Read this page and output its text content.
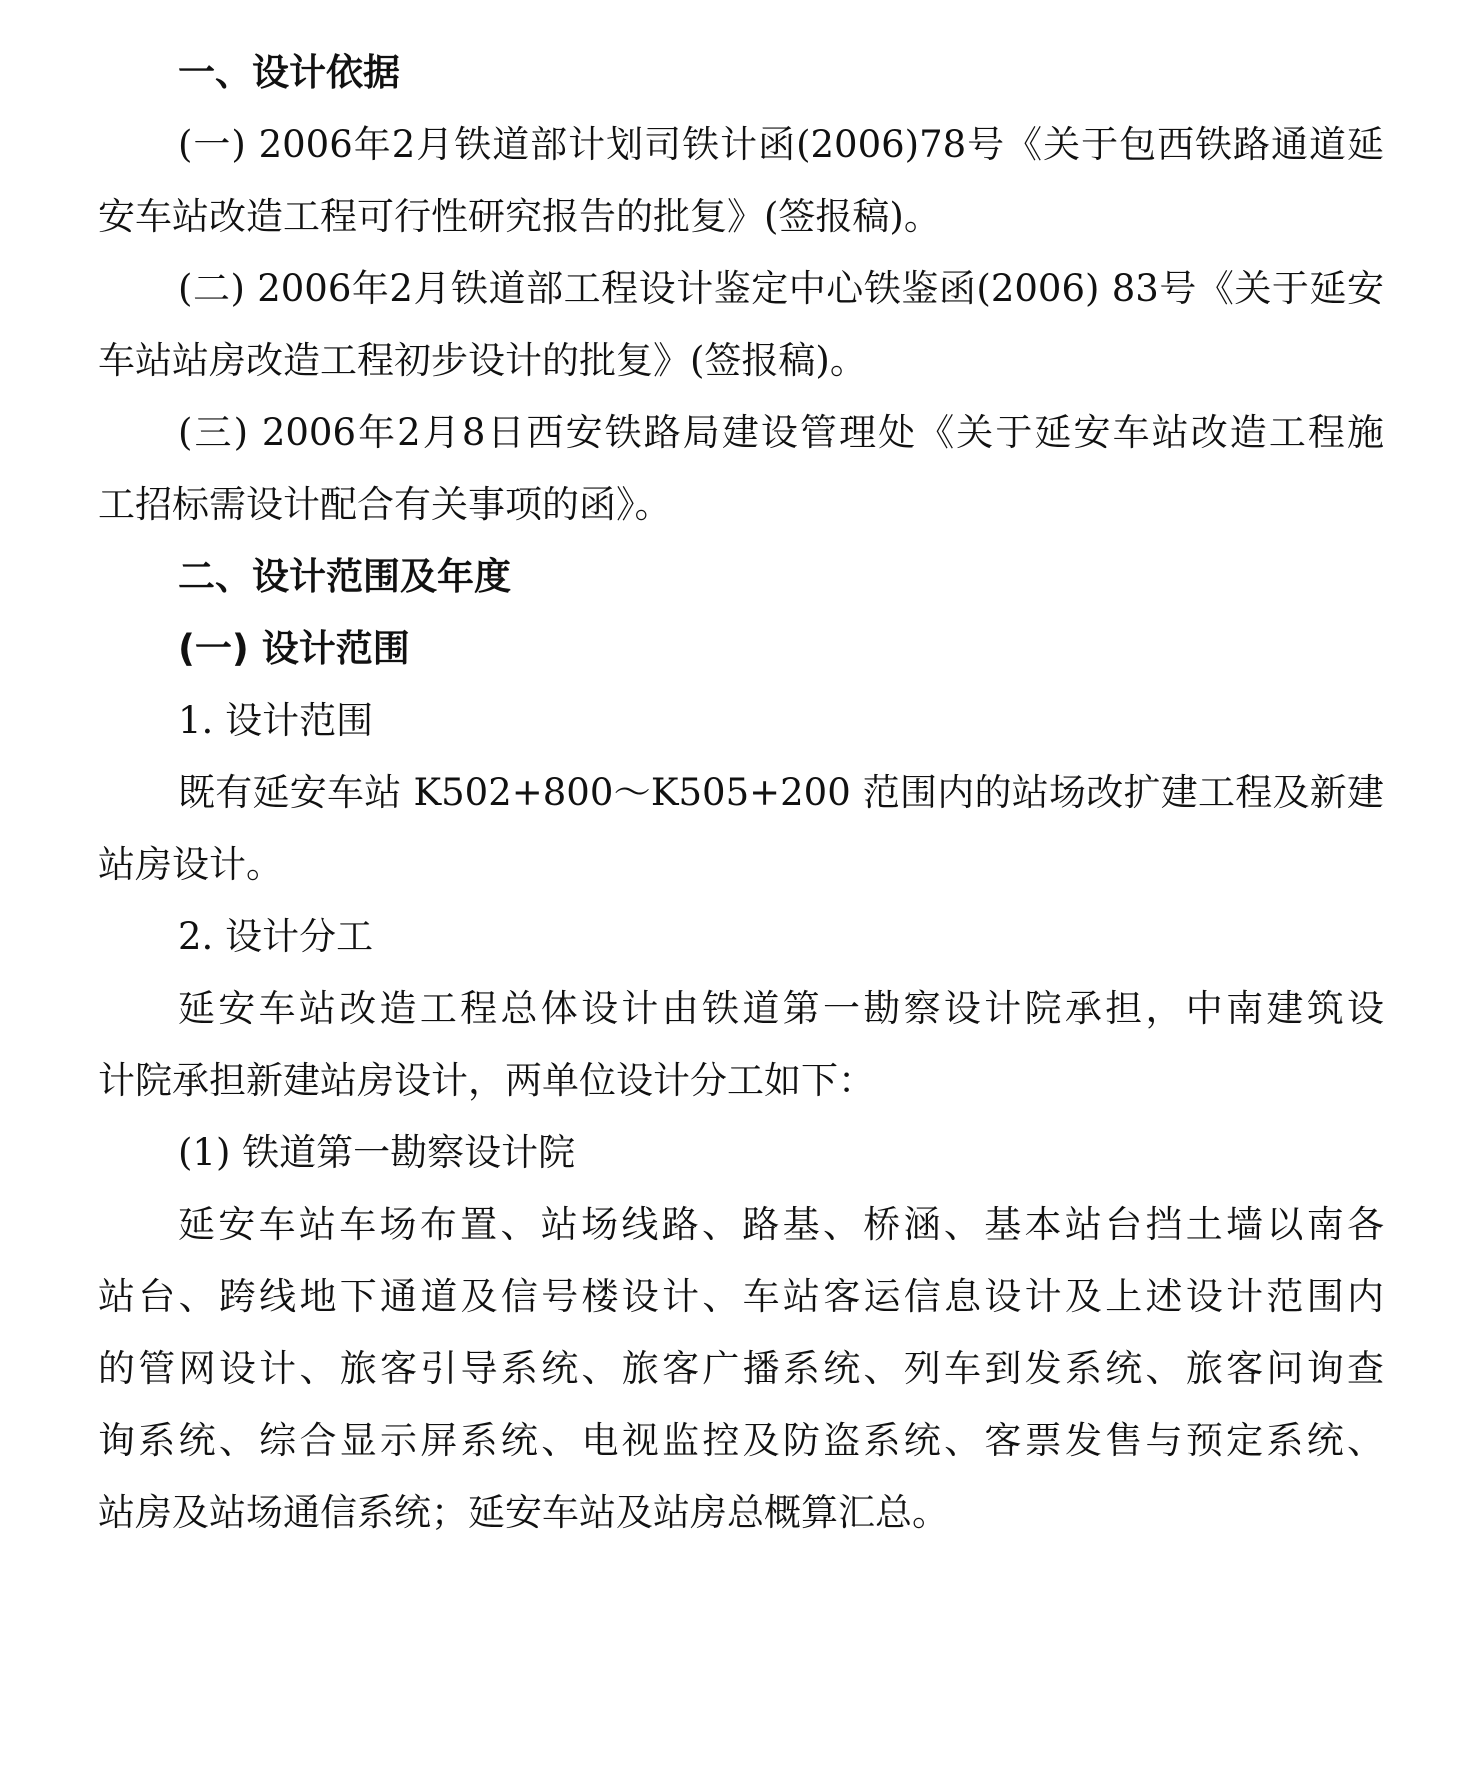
一、设计依据
(一) 2006年2月铁道部计划司铁计函(2006)78号《关于包西铁路通道延
安车站改造工程可行性研究报告的批复》(签报稿)。
(二) 2006年2月铁道部工程设计鉴定中心铁鉴函(2006) 83号《关于延安
车站站房改造工程初步设计的批复》(签报稿)。
(三) 2006年2月8日西安铁路局建设管理处《关于延安车站改造工程施
工招标需设计配合有关事项的函》。
二、设计范围及年度
(一) 设计范围
1. 设计范围
既有延安车站 K502+800～K505+200 范围内的站场改扩建工程及新建
站房设计。
2. 设计分工
延安车站改造工程总体设计由铁道第一勘察设计院承担，中南建筑设
计院承担新建站房设计，两单位设计分工如下：
(1) 铁道第一勘察设计院
延安车站车场布置、站场线路、路基、桥涵、基本站台挡土墙以南各
站台、跨线地下通道及信号楼设计、车站客运信息设计及上述设计范围内
的管网设计、旅客引导系统、旅客广播系统、列车到发系统、旅客问询查
询系统、综合显示屏系统、电视监控及防盗系统、客票发售与预定系统、
站房及站场通信系统；延安车站及站房总概算汇总。
